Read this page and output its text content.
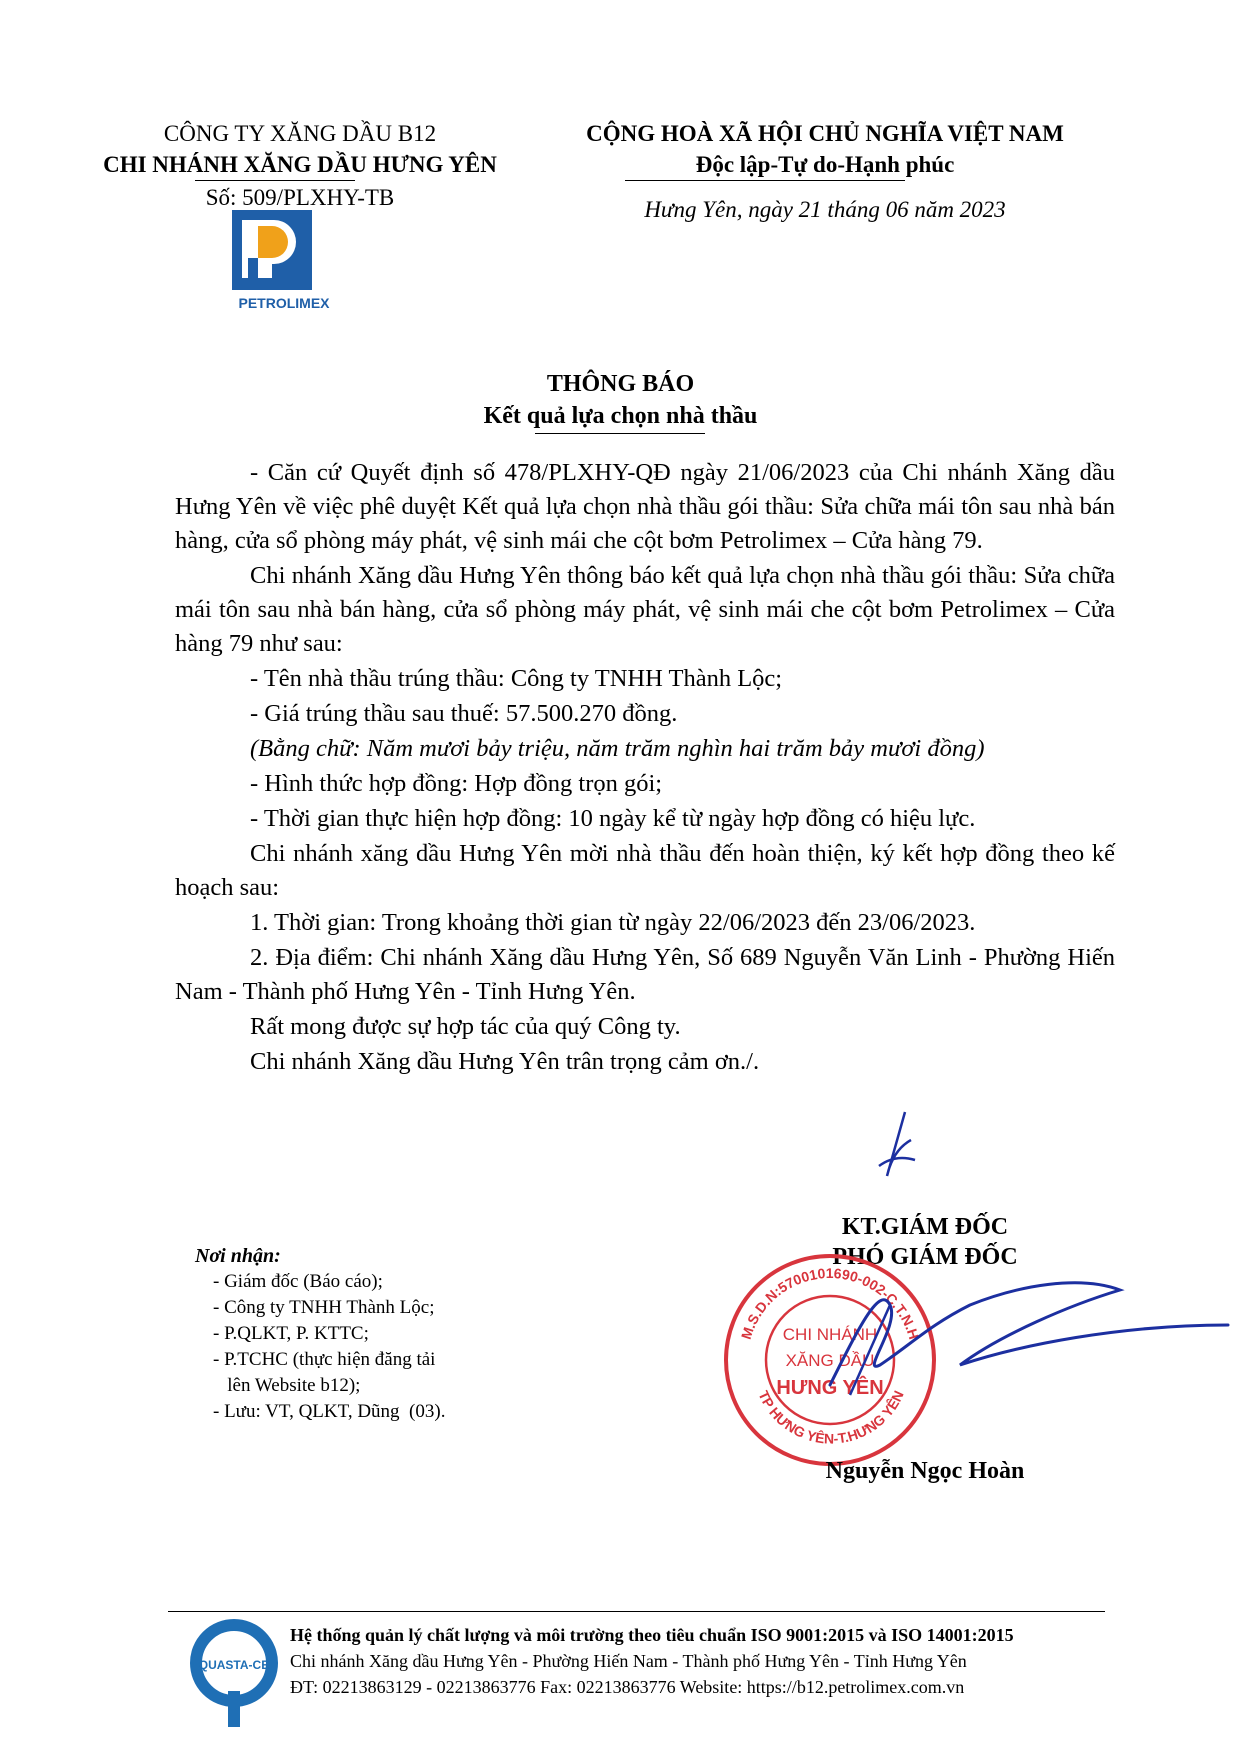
CÔNG TY XĂNG DẦU B12
CHI NHÁNH XĂNG DẦU HƯNG YÊN
Số: 509/PLXHY-TB
CỘNG HOÀ XÃ HỘI CHỦ NGHĨA VIỆT NAM
Độc lập-Tự do-Hạnh phúc
Hưng Yên, ngày 21 tháng 06 năm 2023
PETROLIMEX
THÔNG BÁO
Kết quả lựa chọn nhà thầu

- Căn cứ Quyết định số 478/PLXHY-QĐ ngày 21/06/2023 của Chi nhánh Xăng dầu Hưng Yên về việc phê duyệt Kết quả lựa chọn nhà thầu gói thầu: Sửa chữa mái tôn sau nhà bán hàng, cửa sổ phòng máy phát, vệ sinh mái che cột bơm Petrolimex – Cửa hàng 79.

Chi nhánh Xăng dầu Hưng Yên thông báo kết quả lựa chọn nhà thầu gói thầu: Sửa chữa mái tôn sau nhà bán hàng, cửa sổ phòng máy phát, vệ sinh mái che cột bơm Petrolimex – Cửa hàng 79 như sau:

- Tên nhà thầu trúng thầu: Công ty TNHH Thành Lộc;

- Giá trúng thầu sau thuế: 57.500.270 đồng.

(Bằng chữ: Năm mươi bảy triệu, năm trăm nghìn hai trăm bảy mươi đồng)

- Hình thức hợp đồng: Hợp đồng trọn gói;

- Thời gian thực hiện hợp đồng: 10 ngày kể từ ngày hợp đồng có hiệu lực.

Chi nhánh xăng dầu Hưng Yên mời nhà thầu đến hoàn thiện, ký kết hợp đồng theo kế hoạch sau:

1. Thời gian: Trong khoảng thời gian từ ngày 22/06/2023 đến 23/06/2023.

2. Địa điểm: Chi nhánh Xăng dầu Hưng Yên, Số 689 Nguyễn Văn Linh - Phường Hiến Nam - Thành phố Hưng Yên - Tỉnh Hưng Yên.

Rất mong được sự hợp tác của quý Công ty.

Chi nhánh Xăng dầu Hưng Yên trân trọng cảm ơn./.

Nơi nhận:
- Giám đốc (Báo cáo);
- Công ty TNHH Thành Lộc;
- P.QLKT, P. KTTC;
- P.TCHC (thực hiện đăng tải
lên Website b12);
- Lưu: VT, QLKT, Dũng  (03).
KT.GIÁM ĐỐC
PHÓ GIÁM ĐỐC
M.S.D.N:5700101690-002-C.T.N.H
TP HƯNG YÊN-T.HƯNG YÊN
CHI NHÁNH
XĂNG DẦU
HƯNG YÊN
Nguyễn Ngọc Hoàn
QUASTA-CE
Hệ thống quản lý chất lượng và môi trường theo tiêu chuẩn ISO 9001:2015 và ISO 14001:2015
Chi nhánh Xăng dầu Hưng Yên - Phường Hiến Nam - Thành phố Hưng Yên - Tỉnh Hưng Yên
ĐT: 02213863129 - 02213863776 Fax: 02213863776 Website: https://b12.petrolimex.com.vn
